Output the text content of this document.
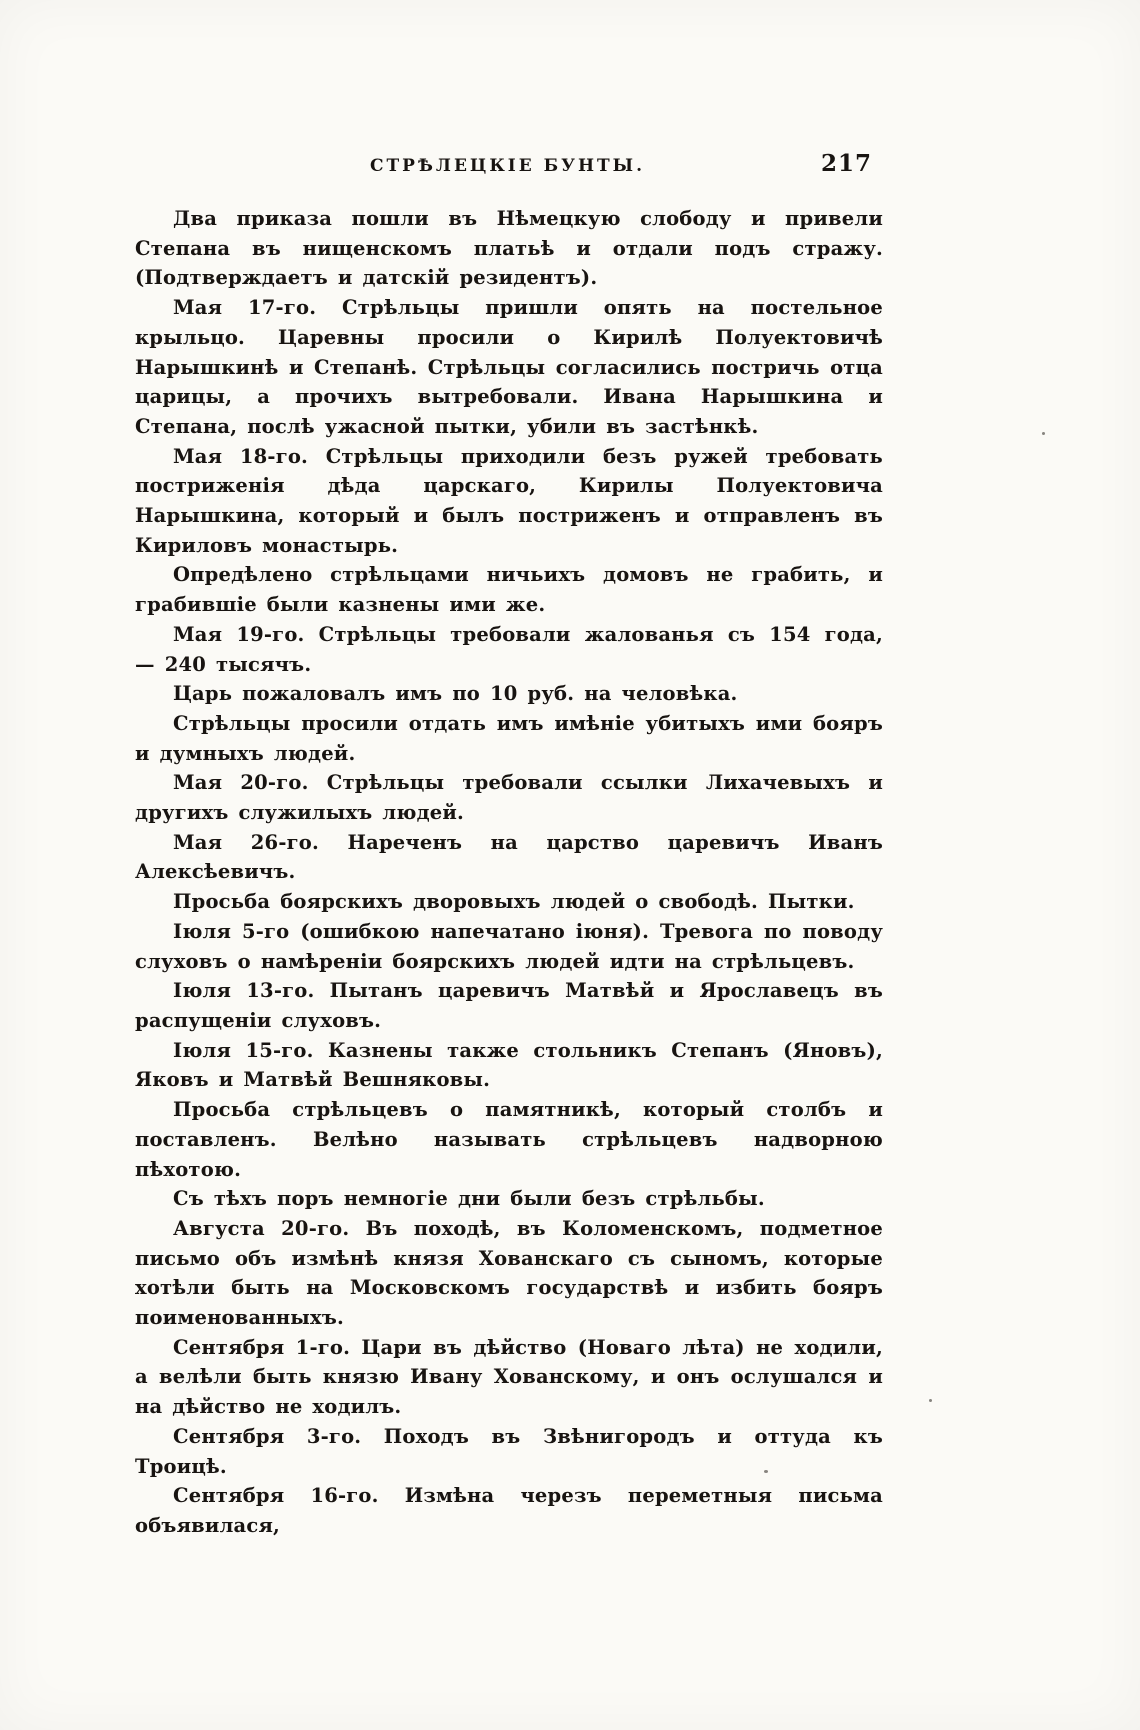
СТРѢЛЕЦКІЕ БУНТЫ.	217

Два приказа пошли въ Нѣмецкую слободу и привели Степана въ нищенскомъ платьѣ и отдали подъ стражу. (Подтверждаетъ и датскій резидентъ).

Мая 17-го. Стрѣльцы пришли опять на постельное крыльцо. Царевны просили о Кирилѣ Полуектовичѣ Нарышкинѣ и Степанѣ. Стрѣльцы согласились постричь отца царицы, а прочихъ вытребовали. Ивана Нарышкина и Степана, послѣ ужасной пытки, убили въ застѣнкѣ.

Мая 18-го. Стрѣльцы приходили безъ ружей требовать постриженія дѣда царскаго, Кирилы Полуектовича Нарышкина, который и былъ постриженъ и отправленъ въ Кириловъ монастырь.

Опредѣлено стрѣльцами ничьихъ домовъ не грабить, и грабившіе были казнены ими же.

Мая 19-го. Стрѣльцы требовали жалованья съ 154 года, — 240 тысячъ.

Царь пожаловалъ имъ по 10 руб. на человѣка.

Стрѣльцы просили отдать имъ имѣніе убитыхъ ими бояръ и думныхъ людей.

Мая 20-го. Стрѣльцы требовали ссылки Лихачевыхъ и другихъ служилыхъ людей.

Мая 26-го. Нареченъ на царство царевичъ Иванъ Алексѣевичъ.

Просьба боярскихъ дворовыхъ людей о свободѣ. Пытки.

Іюля 5-го (ошибкою напечатано іюня). Тревога по поводу слуховъ о намѣреніи боярскихъ людей идти на стрѣльцевъ.

Іюля 13-го. Пытанъ царевичъ Матвѣй и Ярославецъ въ распущеніи слуховъ.

Іюля 15-го. Казнены также стольникъ Степанъ (Яновъ), Яковъ и Матвѣй Вешняковы.

Просьба стрѣльцевъ о памятникѣ, который столбъ и поставленъ. Велѣно называть стрѣльцевъ надворною пѣхотою.

Съ тѣхъ поръ немногіе дни были безъ стрѣльбы.

Августа 20-го. Въ походѣ, въ Коломенскомъ, подметное письмо объ измѣнѣ князя Хованскаго съ сыномъ, которые хотѣли быть на Московскомъ государствѣ и избить бояръ поименованныхъ.

Сентября 1-го. Цари въ дѣйство (Новаго лѣта) не ходили, а велѣли быть князю Ивану Хованскому, и онъ ослушался и на дѣйство не ходилъ.

Сентября 3-го. Походъ въ Звѣнигородъ и оттуда къ Троицѣ.

Сентября 16-го. Измѣна черезъ переметныя письма объявилася,
